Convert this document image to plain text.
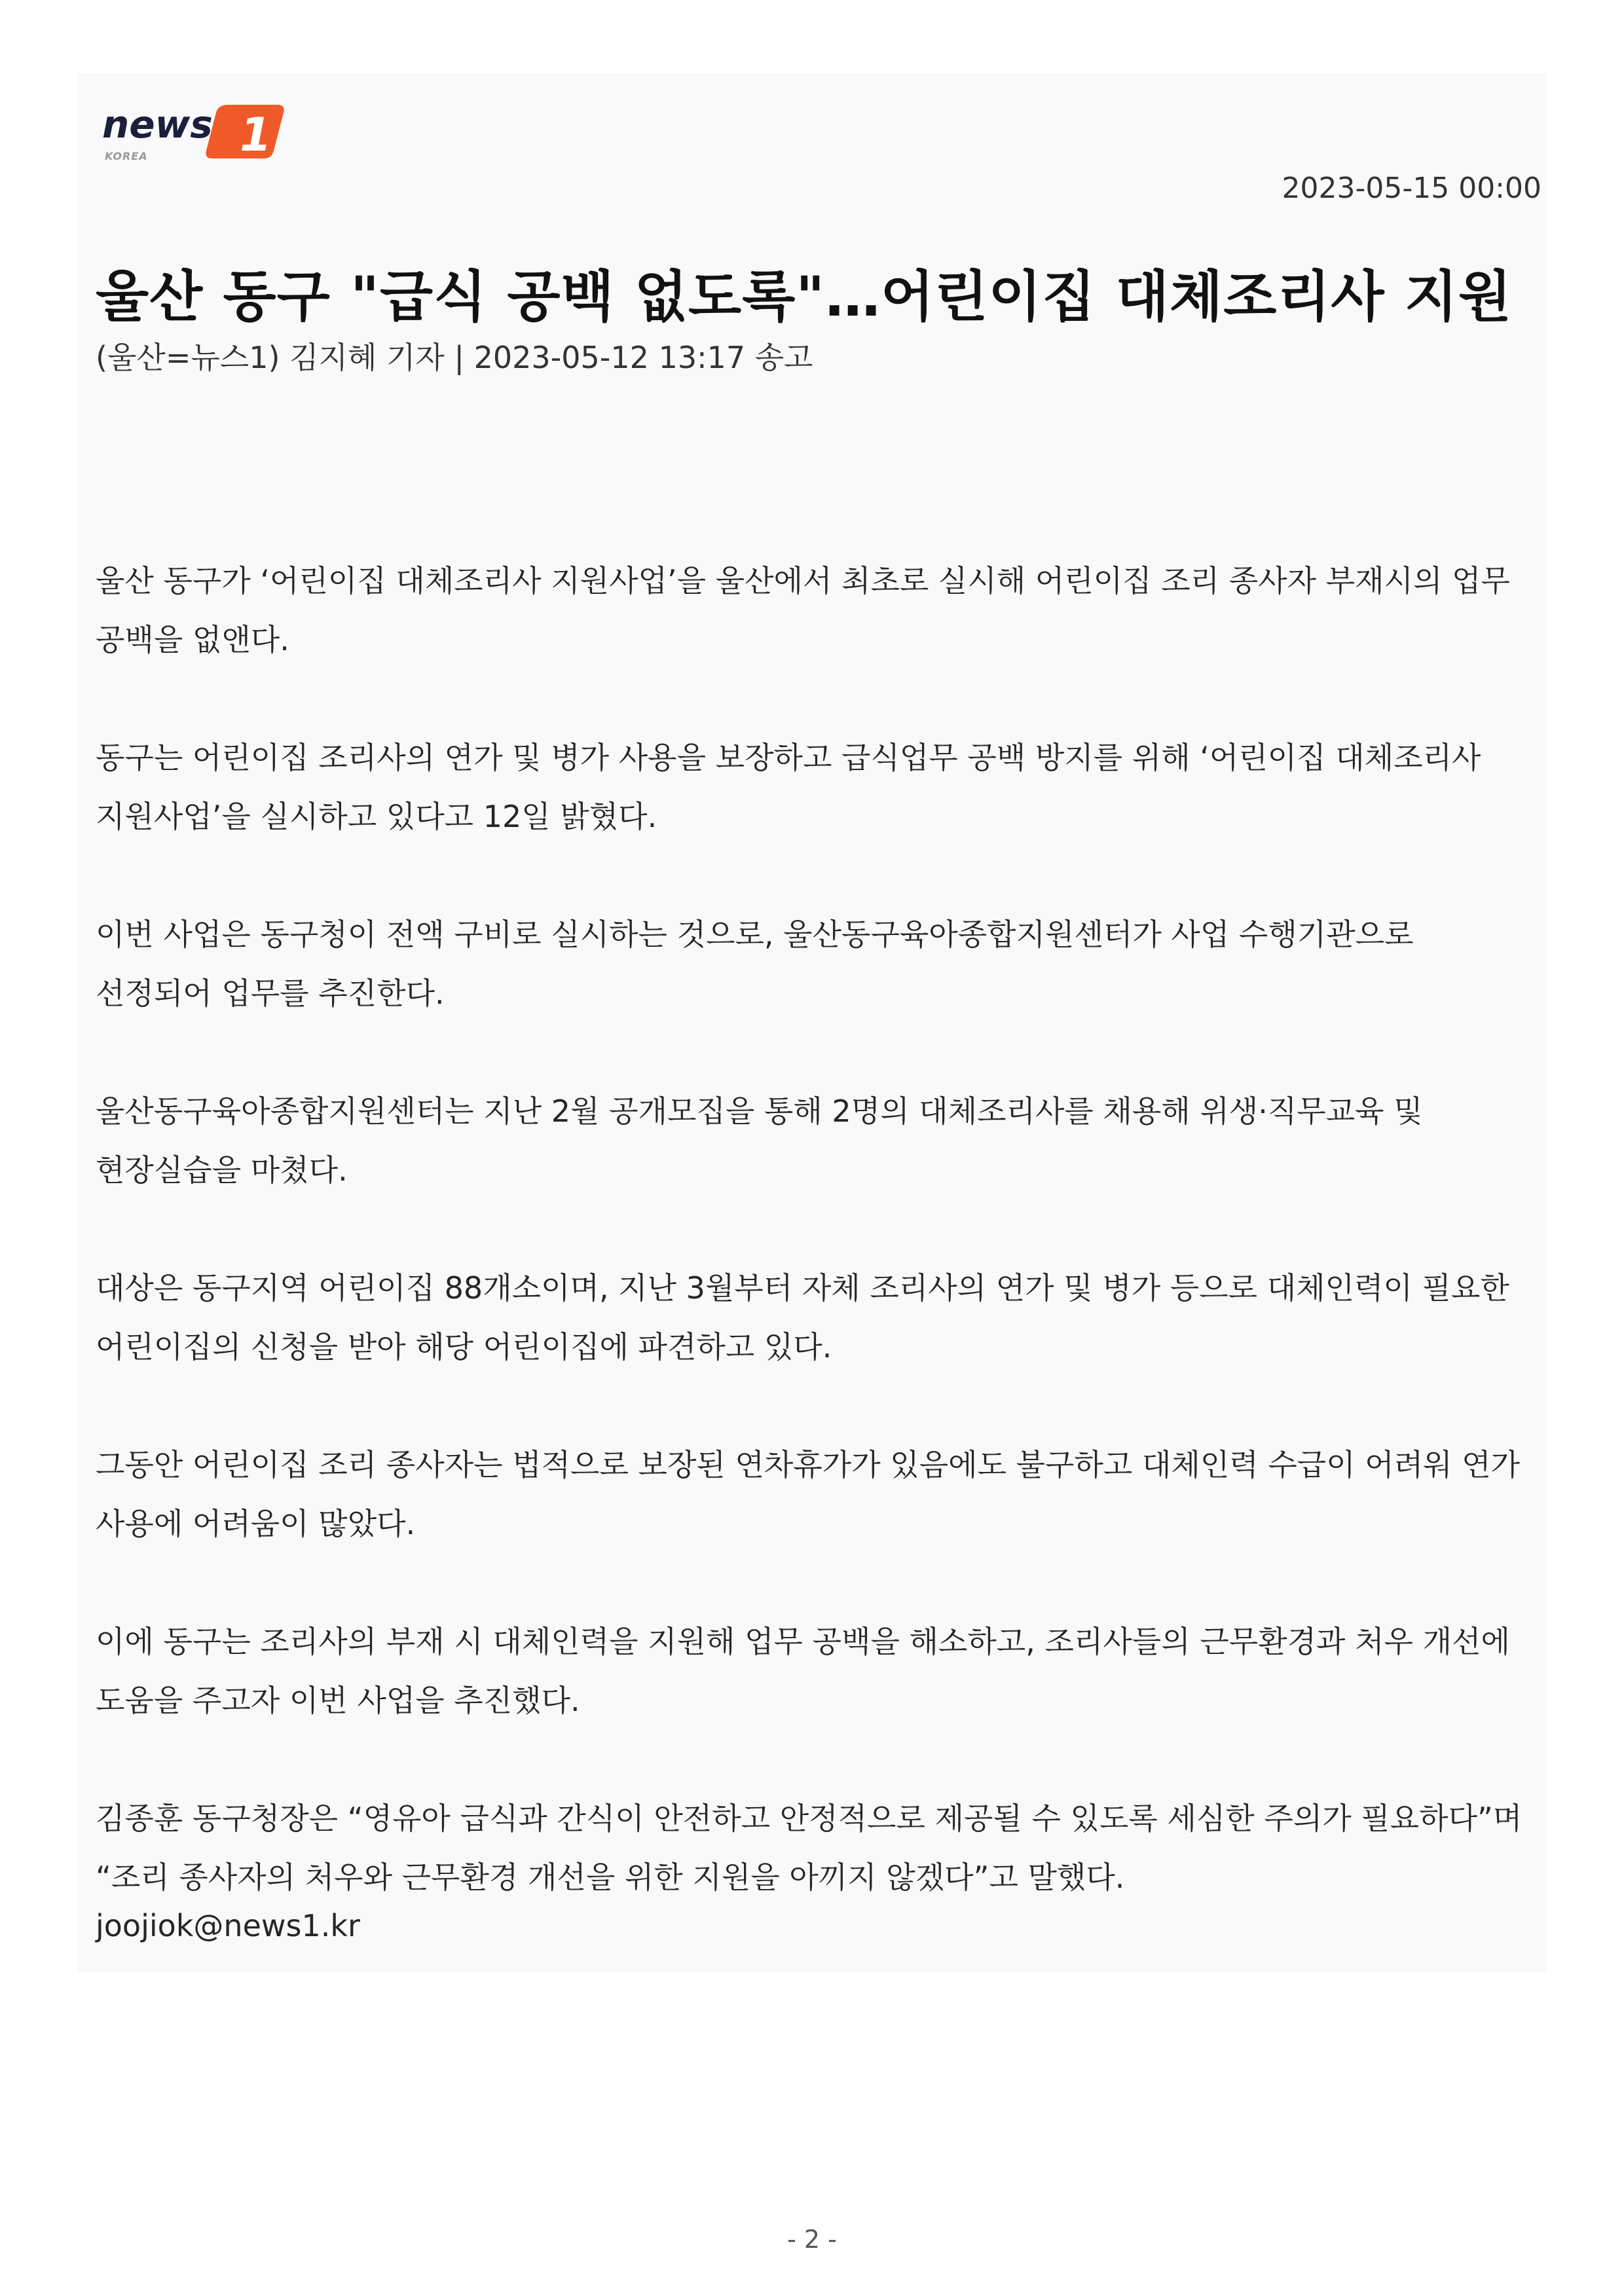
news 1
KOREA
2023-05-15 00:00
울산 동구 "급식 공백 없도록"…어린이집 대체조리사 지원
(울산=뉴스1) 김지혜 기자 | 2023-05-12 13:17 송고

울산 동구가 ‘어린이집 대체조리사 지원사업’을 울산에서 최초로 실시해 어린이집 조리 종사자 부재시의 업무 공백을 없앤다.

동구는 어린이집 조리사의 연가 및 병가 사용을 보장하고 급식업무 공백 방지를 위해 ‘어린이집 대체조리사 지원사업’을 실시하고 있다고 12일 밝혔다.

이번 사업은 동구청이 전액 구비로 실시하는 것으로, 울산동구육아종합지원센터가 사업 수행기관으로 선정되어 업무를 추진한다.

울산동구육아종합지원센터는 지난 2월 공개모집을 통해 2명의 대체조리사를 채용해 위생·직무교육 및 현장실습을 마쳤다.

대상은 동구지역 어린이집 88개소이며, 지난 3월부터 자체 조리사의 연가 및 병가 등으로 대체인력이 필요한 어린이집의 신청을 받아 해당 어린이집에 파견하고 있다.

그동안 어린이집 조리 종사자는 법적으로 보장된 연차휴가가 있음에도 불구하고 대체인력 수급이 어려워 연가 사용에 어려움이 많았다.

이에 동구는 조리사의 부재 시 대체인력을 지원해 업무 공백을 해소하고, 조리사들의 근무환경과 처우 개선에 도움을 주고자 이번 사업을 추진했다.

김종훈 동구청장은 “영유아 급식과 간식이 안전하고 안정적으로 제공될 수 있도록 세심한 주의가 필요하다”며 “조리 종사자의 처우와 근무환경 개선을 위한 지원을 아끼지 않겠다”고 말했다.

joojiok@news1.kr
- 2 -
